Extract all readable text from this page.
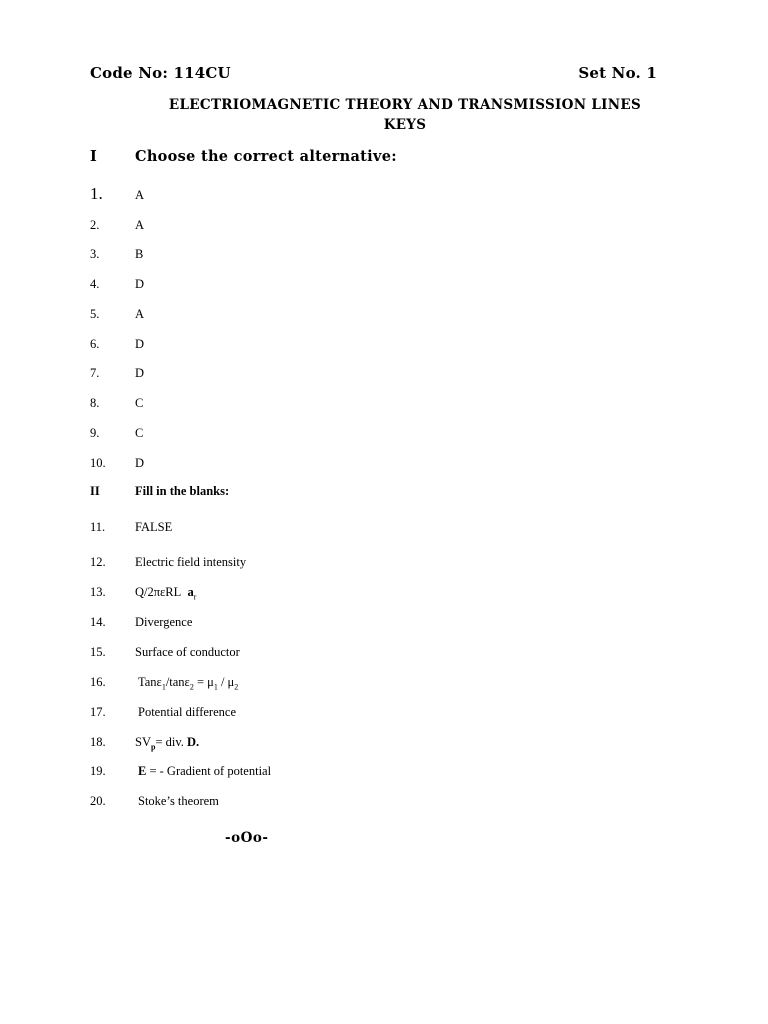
Code No: 114CU	Set No. 1
ELECTRIOMAGNETIC THEORY AND TRANSMISSION LINES
KEYS
I	Choose the correct alternative:
1.	A
2.	A
3.	B
4.	D
5.	A
6.	D
7.	D
8.	C
9.	C
10. D
II	Fill in the blanks:
11. FALSE
12. Electric field intensity
13. Q/2πεRL $a_r$
14. Divergence
15. Surface of conductor
16.	$Tan\varepsilon_1/\tan\varepsilon_2 = \mu_1 / \mu_2$
17.	Potential difference
18. $SV_p=$ div. D.
19.	E = - Gradient of potential
20.	Stoke’s theorem
-oOo-
